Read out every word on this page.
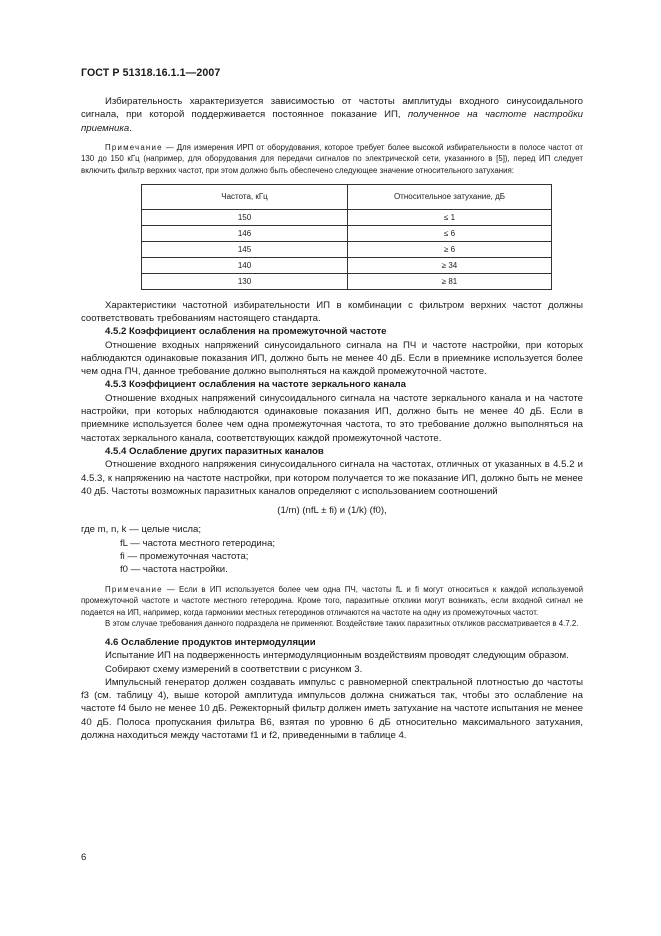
ГОСТ Р 51318.16.1.1—2007

Избирательность характеризуется зависимостью от частоты амплитуды входного синусоидального сигнала, при которой поддерживается постоянное показание ИП, полученное на частоте настройки приемника.

Примечание — Для измерения ИРП от оборудования, которое требует более высокой избирательности в полосе частот от 130 до 150 кГц (например, для оборудования для передачи сигналов по электрической сети, указанного в [5]), перед ИП следует включить фильтр верхних частот, при этом должно быть обеспечено следующее значение относительного затухания:

Частота, кГц	Относительное затухание, дБ
150	≤ 1
146	≤ 6
145	≥ 6
140	≥ 34
130	≥ 81

Характеристики частотной избирательности ИП в комбинации с фильтром верхних частот должны соответствовать требованиям настоящего стандарта.

4.5.2 Коэффициент ослабления на промежуточной частоте

Отношение входных напряжений синусоидального сигнала на ПЧ и частоте настройки, при которых наблюдаются одинаковые показания ИП, должно быть не менее 40 дБ. Если в приемнике используется более чем одна ПЧ, данное требование должно выполняться на каждой промежуточной частоте.

4.5.3 Коэффициент ослабления на частоте зеркального канала

Отношение входных напряжений синусоидального сигнала на частоте зеркального канала и на частоте настройки, при которых наблюдаются одинаковые показания ИП, должно быть не менее 40 дБ. Если в приемнике используется более чем одна промежуточная частота, то это требование должно выполняться на частотах зеркального канала, соответствующих каждой промежуточной частоте.

4.5.4 Ослабление других паразитных каналов

Отношение входного напряжения синусоидального сигнала на частотах, отличных от указанных в 4.5.2 и 4.5.3, к напряжению на частоте настройки, при котором получается то же показание ИП, должно быть не менее 40 дБ. Частоты возможных паразитных каналов определяют с использованием соотношений

(1/m) (nfL ± fi) и (1/k) (f0),
где m, n, k — целые числа;
fL — частота местного гетеродина;
fi — промежуточная частота;
f0 — частота настройки.

Примечание — Если в ИП используется более чем одна ПЧ, частоты fL и fi могут относиться к каждой используемой промежуточной частоте и частоте местного гетеродина. Кроме того, паразитные отклики могут возникать, если входной сигнал не подается на ИП, например, когда гармоники местных гетеродинов отличаются на частоте на одну из промежуточных частот.

В этом случае требования данного подраздела не применяют. Воздействие таких паразитных откликов рассматривается в 4.7.2.

4.6 Ослабление продуктов интермодуляции

Испытание ИП на подверженность интермодуляционным воздействиям проводят следующим образом.

Собирают схему измерений в соответствии с рисунком 3.

Импульсный генератор должен создавать импульс с равномерной спектральной плотностью до частоты f3 (см. таблицу 4), выше которой амплитуда импульсов должна снижаться так, чтобы это ослабление на частоте f4 было не менее 10 дБ. Режекторный фильтр должен иметь затухание на частоте испытания не менее 40 дБ. Полоса пропускания фильтра B6, взятая по уровню 6 дБ относительно максимального затухания, должна находиться между частотами f1 и f2, приведенными в таблице 4.

6
